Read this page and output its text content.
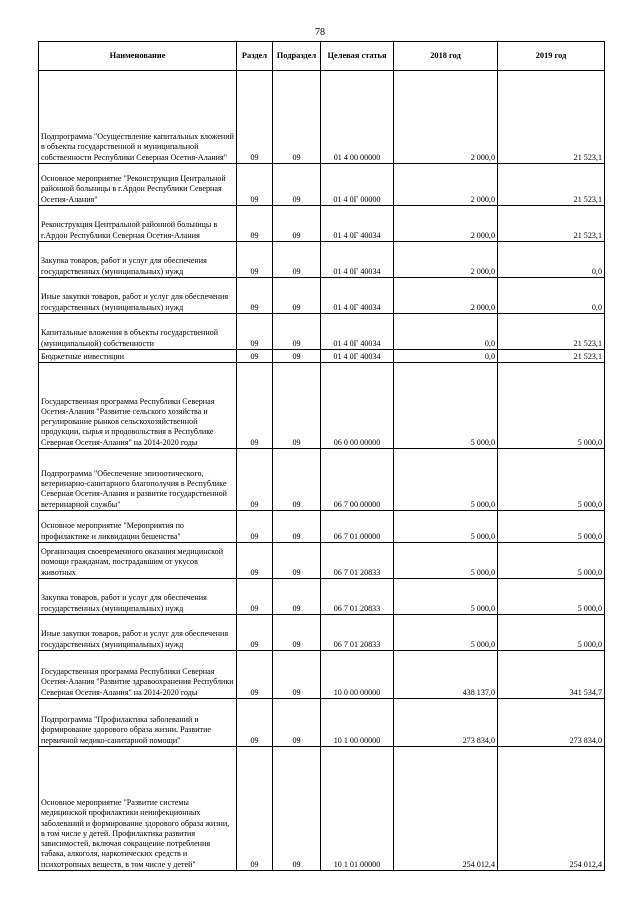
78
Наименование	Раздел	Подраздел	Целевая статья	2018 год	2019 год
Подпрограмма "Осуществление капитальных вложений в объекты государственной и муниципальной собственности Республики Северная Осетия-Алания"	09	09	01 4 00 00000	2 000,0	21 523,1
Основное мероприятие "Реконструкция Центральной районной больницы в г.Ардон Республики Северная Осетия-Алания"	09	09	01 4 0Г 00000	2 000,0	21 523,1
Реконструкция Центральной районной больницы в г.Ардон Республики Северная Осетия-Алания	09	09	01 4 0Г 40034	2 000,0	21 523,1
Закупка товаров, работ и услуг для обеспечения государственных (муниципальных) нужд	09	09	01 4 0Г 40034	2 000,0	0,0
Иные закупки товаров, работ и услуг для обеспечения государственных (муниципальных) нужд	09	09	01 4 0Г 40034	2 000,0	0,0
Капитальные вложения в объекты государственной (муниципальной) собственности	09	09	01 4 0Г 40034	0,0	21 523,1
Бюджетные инвестиции	09	09	01 4 0Г 40034	0,0	21 523,1
Государственная программа Республики Северная Осетия-Алания "Развитие сельского хозяйства и регулирование рынков сельскохозяйственной продукции, сырья и продовольствия в Республике Северная Осетия-Алания" на 2014-2020 годы	09	09	06 0 00 00000	5 000,0	5 000,0
Подпрограмма "Обеспечение эпизоотического, ветеринарно-санитарного благополучия в Республике Северная Осетия-Алания и развитие государственной ветеринарной службы"	09	09	06 7 00 00000	5 000,0	5 000,0
Основное мероприятие "Мероприятия по профилактике и ликвидации бешенства"	09	09	06 7 01 00000	5 000,0	5 000,0
Организация своевременного оказания медицинской помощи гражданам, пострадавшим от укусов животных	09	09	06 7 01 20833	5 000,0	5 000,0
Закупка товаров, работ и услуг для обеспечения государственных (муниципальных) нужд	09	09	06 7 01 20833	5 000,0	5 000,0
Иные закупки товаров, работ и услуг для обеспечения государственных (муниципальных) нужд	09	09	06 7 01 20833	5 000,0	5 000,0
Государственная программа Республики Северная Осетия-Алания "Развитие здравоохранения Республики Северная Осетия-Алания" на 2014-2020 годы	09	09	10 0 00 00000	438 137,0	341 534,7
Подпрограмма "Профилактика заболеваний и формирование здорового образа жизни. Развитие первичной медико-санитарной помощи"	09	09	10 1 00 00000	273 834,0	273 834,0
Основное мероприятие "Развитие системы медицинской профилактики неинфекционных заболеваний и формирование здорового образа жизни, в том числе у детей. Профилактика развития зависимостей, включая сокращение потребления табака, алкоголя, наркотических средств и психотропных веществ, в том числе у детей"	09	09	10 1 01 00000	254 012,4	254 012,4
